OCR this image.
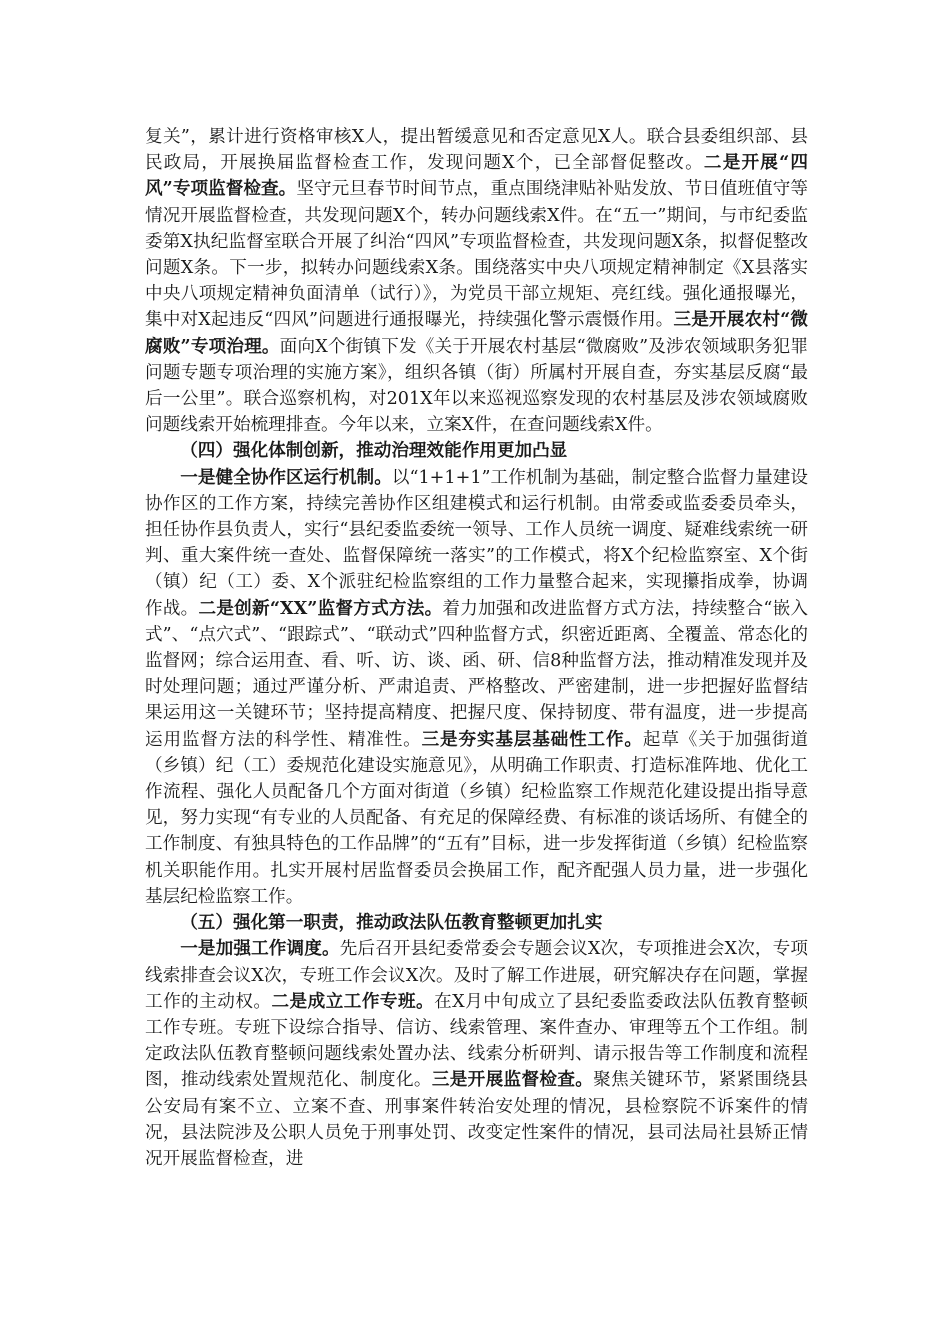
复关”，累计进行资格审核X人，提出暂缓意见和否定意见X人。联合县委组织部、县民政局，开展换届监督检查工作，发现问题X个，已全部督促整改。二是开展“四风”专项监督检查。坚守元旦春节时间节点，重点围绕津贴补贴发放、节日值班值守等情况开展监督检查，共发现问题X个，转办问题线索X件。在“五一”期间，与市纪委监委第X执纪监督室联合开展了纠治“四风”专项监督检查，共发现问题X条，拟督促整改问题X条。下一步，拟转办问题线索X条。围绕落实中央八项规定精神制定《X县落实中央八项规定精神负面清单（试行）》，为党员干部立规矩、亮红线。强化通报曝光，集中对X起违反“四风”问题进行通报曝光，持续强化警示震慑作用。三是开展农村“微腐败”专项治理。面向X个街镇下发《关于开展农村基层“微腐败”及涉农领域职务犯罪问题专题专项治理的实施方案》，组织各镇（街）所属村开展自查，夯实基层反腐“最后一公里”。联合巡察机构，对201X年以来巡视巡察发现的农村基层及涉农领域腐败问题线索开始梳理排查。今年以来，立案X件，在查问题线索X件。

（四）强化体制创新，推动治理效能作用更加凸显

一是健全协作区运行机制。以“1+1+1”工作机制为基础，制定整合监督力量建设协作区的工作方案，持续完善协作区组建模式和运行机制。由常委或监委委员牵头，担任协作县负责人，实行“县纪委监委统一领导、工作人员统一调度、疑难线索统一研判、重大案件统一查处、监督保障统一落实”的工作模式，将X个纪检监察室、X个街（镇）纪（工）委、X个派驻纪检监察组的工作力量整合起来，实现攥指成拳，协调作战。二是创新“XX”监督方式方法。着力加强和改进监督方式方法，持续整合“嵌入式”、“点穴式”、“跟踪式”、“联动式”四种监督方式，织密近距离、全覆盖、常态化的监督网；综合运用查、看、听、访、谈、函、研、信8种监督方法，推动精准发现并及时处理问题；通过严谨分析、严肃追责、严格整改、严密建制，进一步把握好监督结果运用这一关键环节；坚持提高精度、把握尺度、保持韧度、带有温度，进一步提高运用监督方法的科学性、精准性。三是夯实基层基础性工作。起草《关于加强街道（乡镇）纪（工）委规范化建设实施意见》，从明确工作职责、打造标准阵地、优化工作流程、强化人员配备几个方面对街道（乡镇）纪检监察工作规范化建设提出指导意见，努力实现“有专业的人员配备、有充足的保障经费、有标准的谈话场所、有健全的工作制度、有独具特色的工作品牌”的“五有”目标，进一步发挥街道（乡镇）纪检监察机关职能作用。扎实开展村居监督委员会换届工作，配齐配强人员力量，进一步强化基层纪检监察工作。

（五）强化第一职责，推动政法队伍教育整顿更加扎实

一是加强工作调度。先后召开县纪委常委会专题会议X次，专项推进会X次，专项线索排查会议X次，专班工作会议X次。及时了解工作进展，研究解决存在问题，掌握工作的主动权。二是成立工作专班。在X月中旬成立了县纪委监委政法队伍教育整顿工作专班。专班下设综合指导、信访、线索管理、案件查办、审理等五个工作组。制定政法队伍教育整顿问题线索处置办法、线索分析研判、请示报告等工作制度和流程图，推动线索处置规范化、制度化。三是开展监督检查。聚焦关键环节，紧紧围绕县公安局有案不立、立案不查、刑事案件转治安处理的情况，县检察院不诉案件的情况，县法院涉及公职人员免于刑事处罚、改变定性案件的情况，县司法局社县矫正情况开展监督检查，进
